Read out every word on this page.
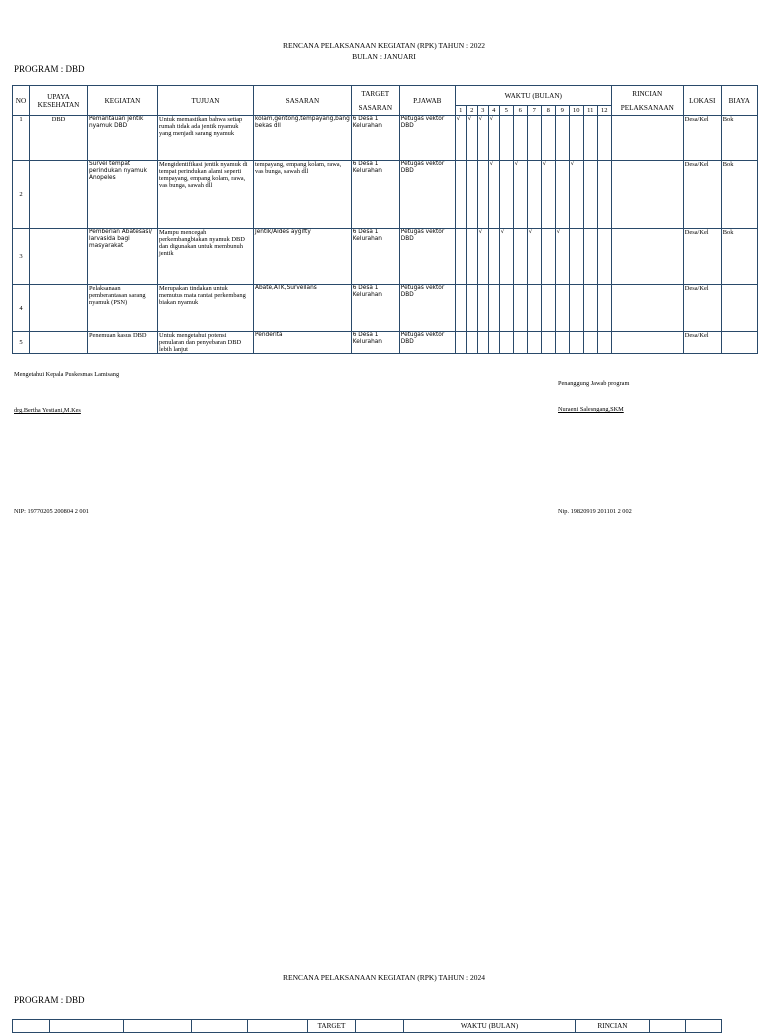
RENCANA PELAKSANAAN KEGIATAN (RPK) TAHUN : 2022
BULAN : JANUARI
PROGRAM : DBD
NO	UPAYA KESEHATAN	KEGIATAN	TUJUAN	SASARAN	TARGET SASARAN	P.JAWAB	WAKTU (BULAN)												RINCIAN PELAKSANAAN	LOKASI	BIAYA
							1	2	3	4	5	6	7	8	9	10	11	12			
1	DBD	Pemantauan jentik nyamuk DBD	Untuk memastikan bahwa setiap rumah tidak ada jentik nyamuk yang menjadi sarang nyamuk	kolam,gentong,tempayang,bang bekas dll	6 Desa 1 Kelurahan	Petugas vektor DBD	√	√	√	√										Desa/Kel	Bok
2		Survei tempat perindukan nyamuk Anopeles	Mengidentifikasi jentik nyamuk di tempat perindukan alami seperti tempayang, empang kolam, rawa, vas bunga, sawah dll	tempayang, empang kolam, rawa, vas bunga, sawah dll	6 Desa 1 Kelurahan	Petugas vektor DBD				√		√		√		√				Desa/Kel	Bok
3		Pemberian Abatesasi/ larvasida bagi masyarakat	Mampu mencegah perkembangbiakan nyamuk DBD dan digunakan untuk membunuh jentik	Jentik/Aides aygifty	6 Desa 1 Kelurahan	Petugas vektor DBD			√		√		√		√					Desa/Kel	Bok
4		Pelaksanaan pemberantasan sarang nyamuk (PSN)	Merupakan tindakan untuk memutus mata rantai perkembang biakan nyamuk	Abate,ATK,Surveilans	6 Desa 1 Kelurahan	Petugas vektor DBD														Desa/Kel	
5		Penemuan kasus DBD	Untuk mengetahui potensi penularan dan penyebaran DBD lebih lanjut	Penderita	6 Desa 1 Kelurahan	Petugas vektor DBD														Desa/Kel	
Mengetahui Kepala Puskesmas Lamisang
drg.Bertha Yestiani,M.Kes
NIP: 19770205 200804 2 001
Penanggung Jawab program
Nuraeni Salesngang,SKM
Nip. 19820919 201101 2 002
RENCANA PELAKSANAAN KEGIATAN (RPK) TAHUN : 2024
PROGRAM : DBD
					TARGET		WAKTU (BULAN)	RINCIAN		
